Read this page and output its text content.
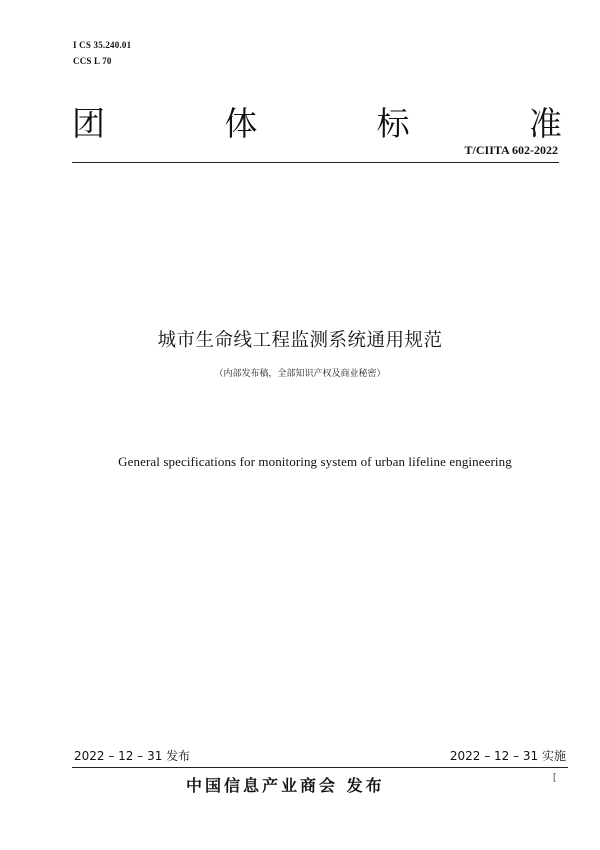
I CS 35.240.01
CCS L 70
团	体	标	准
T/CIITA 602-2022
城市生命线工程监测系统通用规范
（内部发布稿，全部知识产权及商业秘密）
General specifications for monitoring system of urban lifeline engineering
2022 – 12 – 31 发布	2022 – 12 – 31 实施
中国信息产业商会 发布	[
